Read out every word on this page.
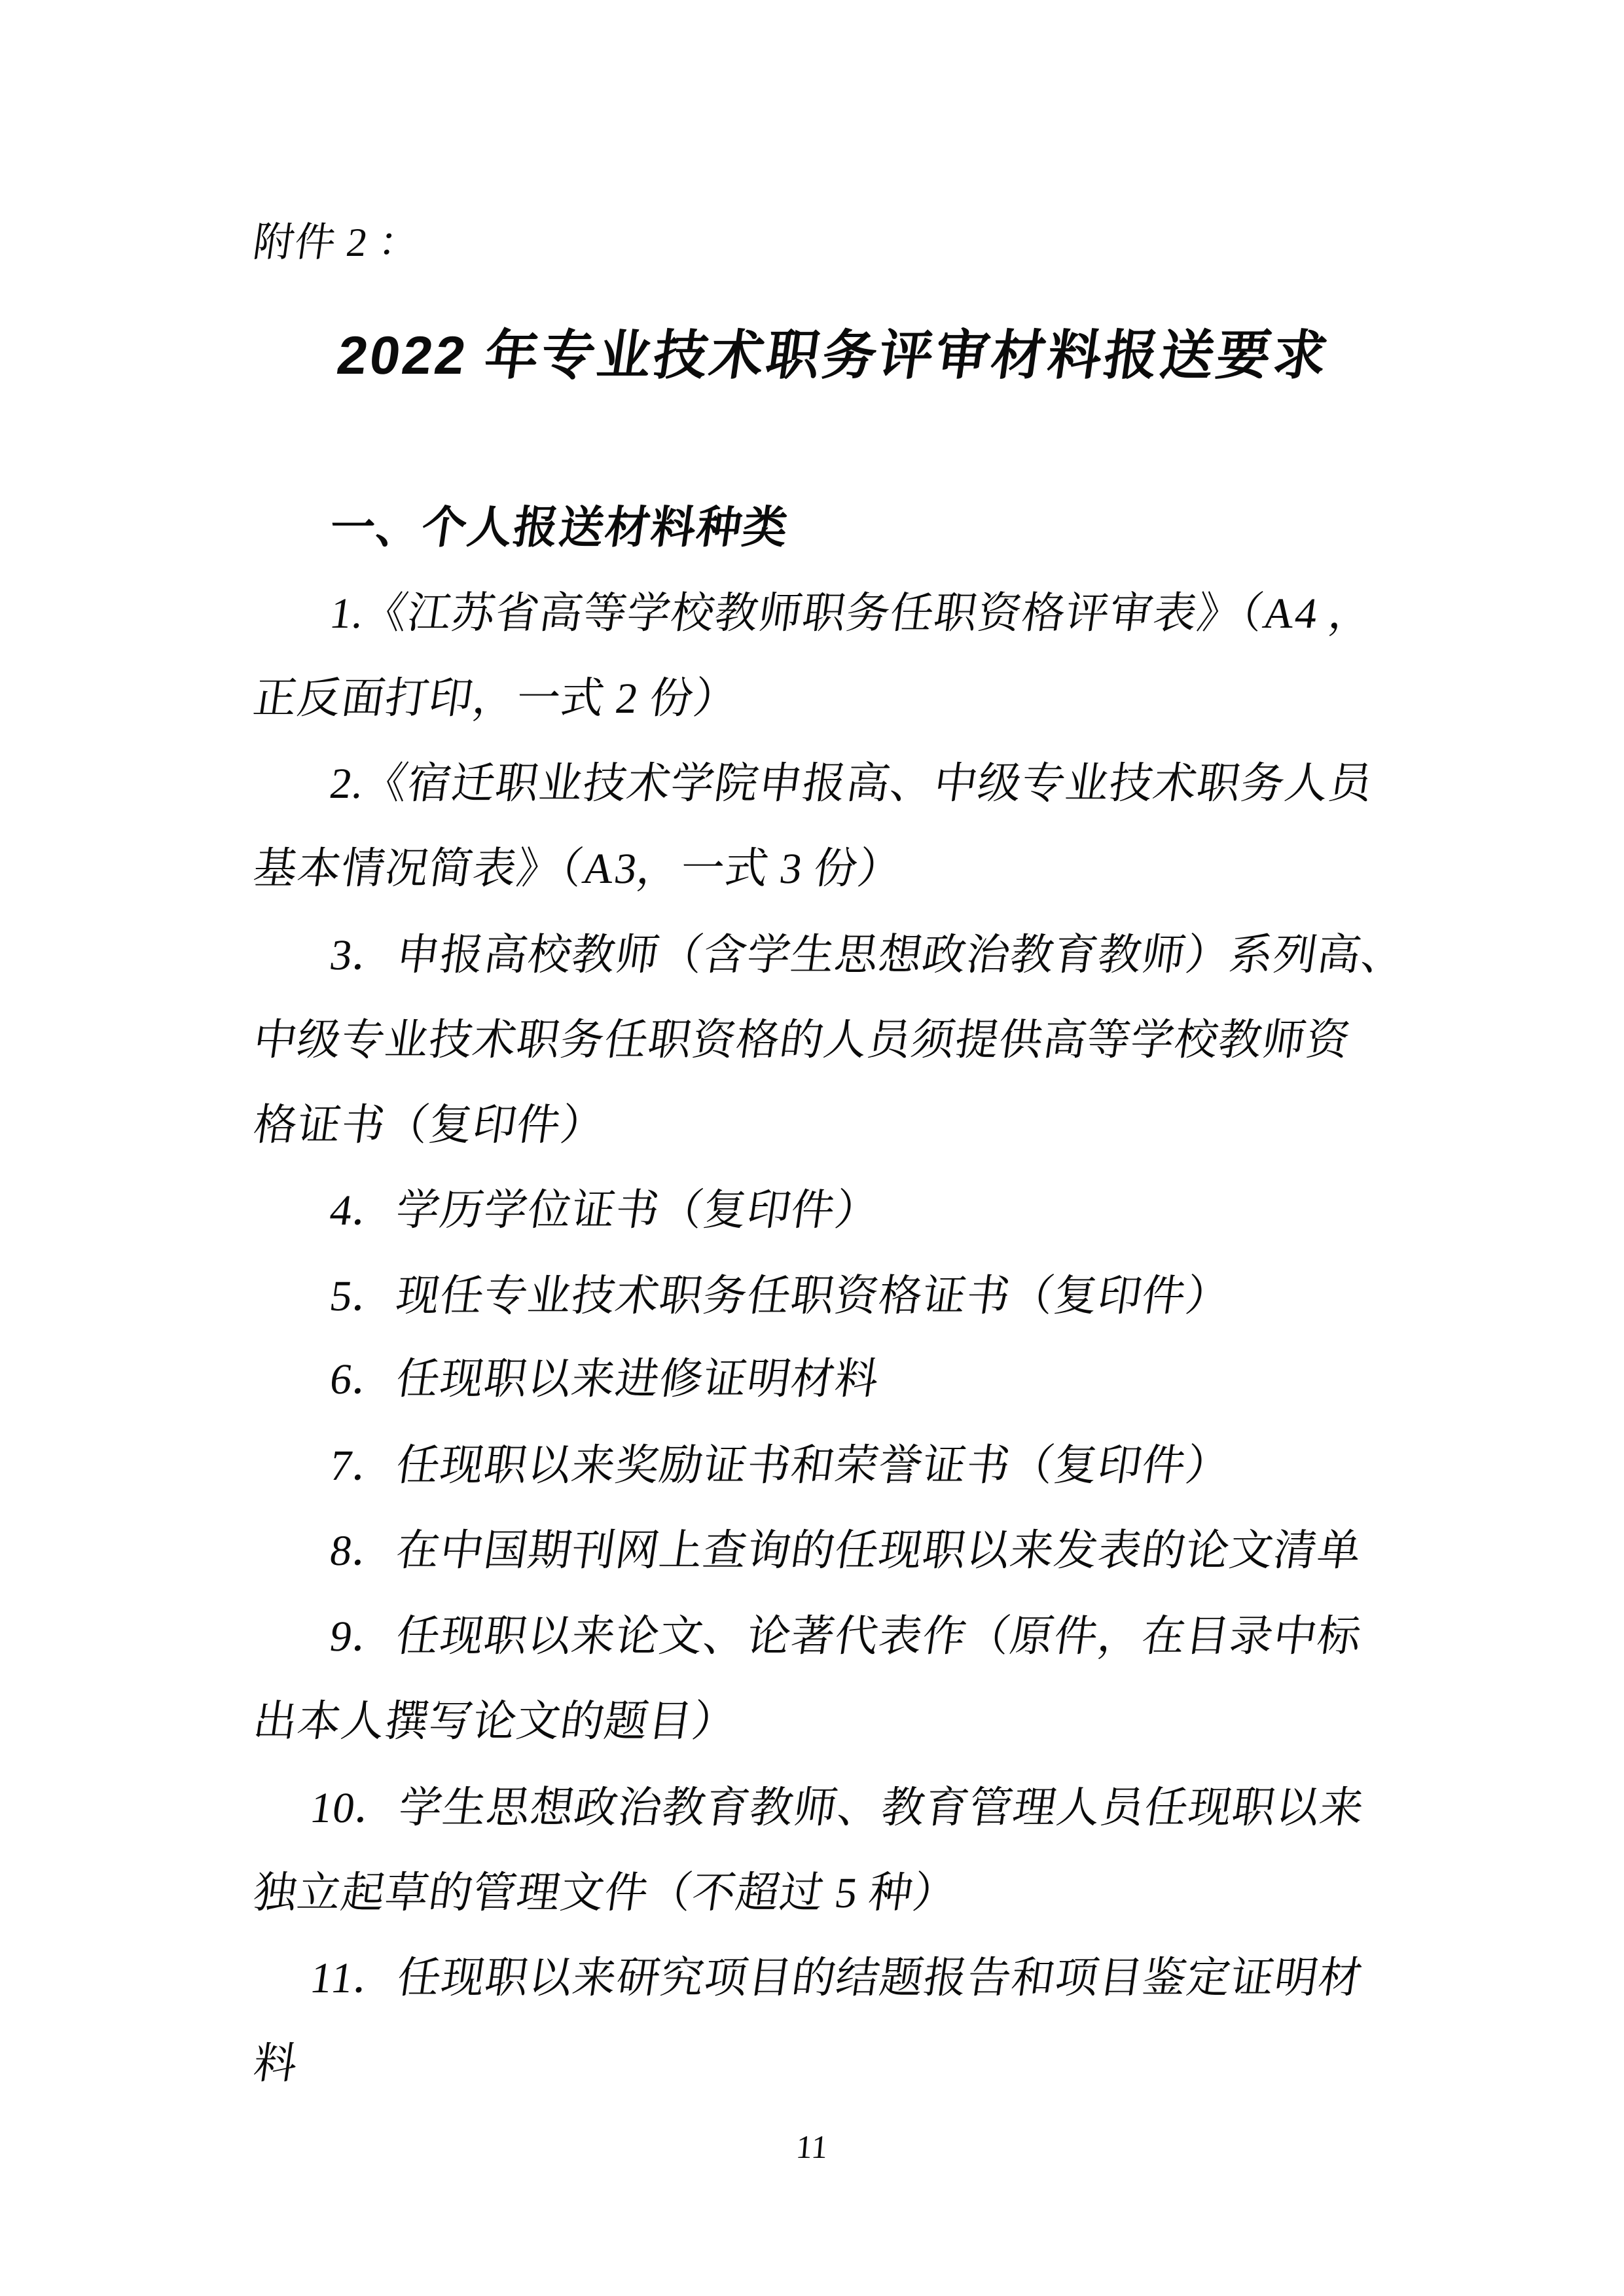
附件 2 ：
2022 年专业技术职务评审材料报送要求
一、个人报送材料种类
1.《江苏省高等学校教师职务任职资格评审表》（A4 ，
正反面打印，一式 2 份）
2.《宿迁职业技术学院申报高、中级专业技术职务人员
基本情况简表》（A3，一式 3 份）
3．申报高校教师（含学生思想政治教育教师）系列高、
中级专业技术职务任职资格的人员须提供高等学校教师资
格证书（复印件）
4．学历学位证书（复印件）
5．现任专业技术职务任职资格证书（复印件）
6．任现职以来进修证明材料
7．任现职以来奖励证书和荣誉证书（复印件）
8．在中国期刊网上查询的任现职以来发表的论文清单
9．任现职以来论文、论著代表作（原件，在目录中标
出本人撰写论文的题目）
10．学生思想政治教育教师、教育管理人员任现职以来
独立起草的管理文件（不超过 5 种）
11．任现职以来研究项目的结题报告和项目鉴定证明材
料
11
